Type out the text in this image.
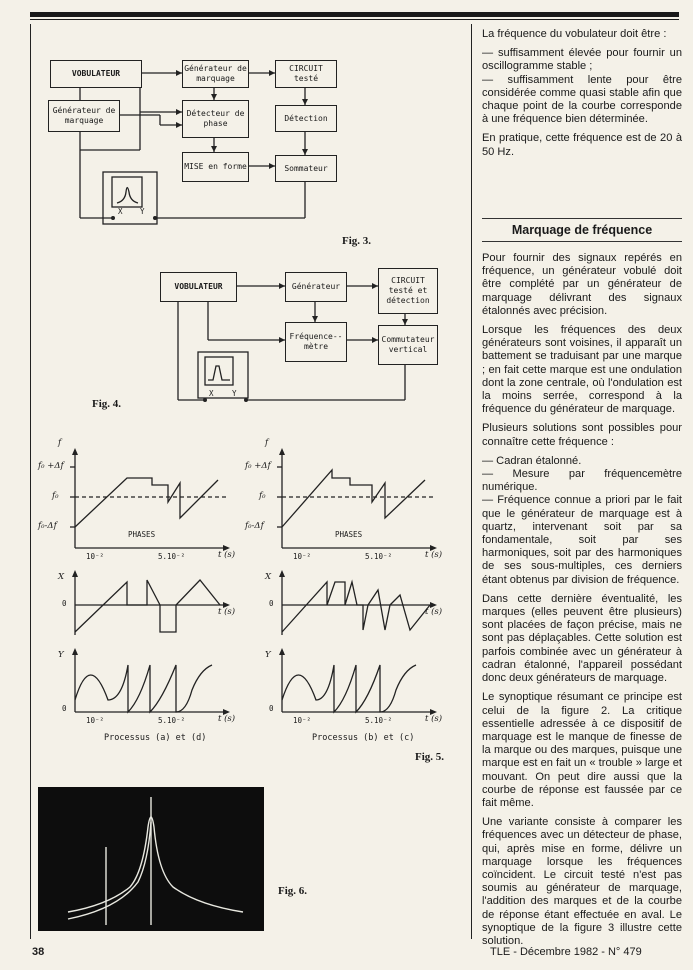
VOBULATEUR
Générateur de marquage
CIRCUIT testé
Générateur de marquage
Détecteur de phase
Détection
MISE en forme	Sommateur
X Y
Fig. 3.
VOBULATEUR	Générateur
CIRCUIT testé et détection
Fréquence--mètre
Commutateur vertical
X Y
Fig. 4.
f
f₀ +Δf
f₀
f₀-Δf
PHASES
10⁻²	5.10⁻²	t (s)
f
f₀ +Δf
f₀
f₀-Δf
PHASES
10⁻²	5.10⁻²	t (s)
X
0
t (s)
X
0
t (s)
Y
0
10⁻²	5.10⁻²	t (s)
Y
0
10⁻²	5.10⁻²	t (s)
Processus (a) et (d)	Processus (b) et (c)
Fig. 5.
Fig. 6.

La fréquence du vobulateur doit être :

— suffisamment élevée pour fournir un oscillogramme stable ;

— suffisamment lente pour être considérée comme quasi stable afin que chaque point de la courbe corresponde à une fréquence bien déterminée.

En pratique, cette fréquence est de 20 à 50 Hz.

Marquage de fréquence

Pour fournir des signaux repérés en fréquence, un générateur vobulé doit être complété par un générateur de marquage délivrant des signaux étalonnés avec précision.

Lorsque les fréquences des deux générateurs sont voisines, il apparaît un battement se traduisant par une marque ; en fait cette marque est une ondulation dont la zone centrale, où l'ondulation est la moins serrée, correspond à la fréquence du générateur de marquage.

Plusieurs solutions sont possibles pour connaître cette fréquence :

— Cadran étalonné.

— Mesure par fréquencemètre numérique.

— Fréquence connue a priori par le fait que le générateur de marquage est à quartz, intervenant soit par sa fondamentale, soit par ses harmoniques, soit par des harmoniques de ses sous-multiples, ces derniers étant obtenus par division de fréquence.

Dans cette dernière éventualité, les marques (elles peuvent être plusieurs) sont placées de façon précise, mais ne sont pas déplaçables. Cette solution est parfois combinée avec un générateur à cadran étalonné, l'appareil possédant donc deux générateurs de marquage.

Le synoptique résumant ce principe est celui de la figure 2. La critique essentielle adressée à ce dispositif de marquage est le manque de finesse de la marque ou des marques, puisque une marque est en fait un « trouble » large et mouvant. On peut dire aussi que la courbe de réponse est faussée par ce fait même.

Une variante consiste à comparer les fréquences avec un détecteur de phase, qui, après mise en forme, délivre un marquage lorsque les fréquences coïncident. Le circuit testé n'est pas soumis au générateur de marquage, l'addition des marques et de la courbe de réponse étant effectuée en aval. Le synoptique de la figure 3 illustre cette solution.

38	TLE - Décembre 1982 - N° 479
